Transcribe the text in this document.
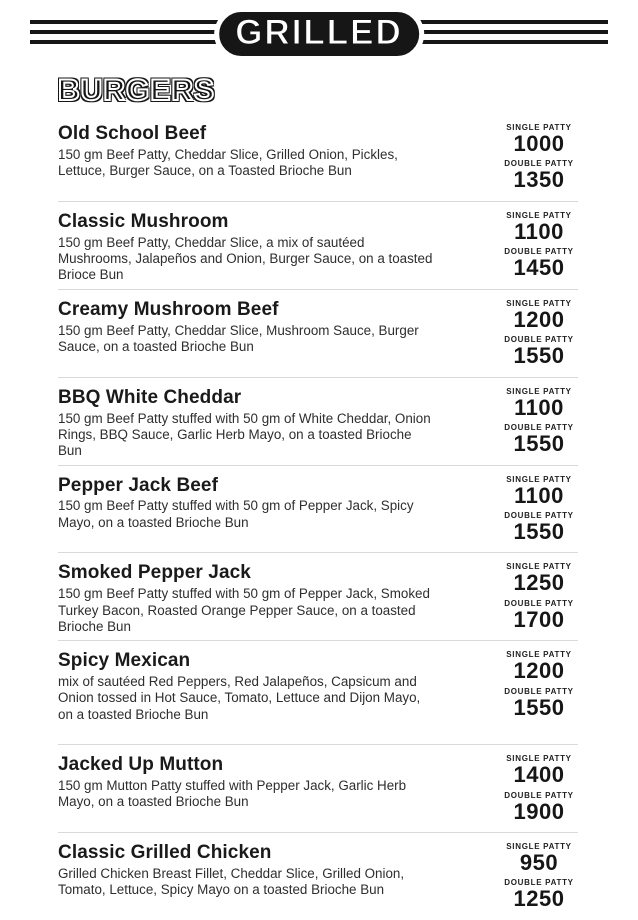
GRILLED
BURGERS
Old School Beef

150 gm Beef Patty, Cheddar Slice, Grilled Onion, Pickles, Lettuce, Burger Sauce, on a Toasted Brioche Bun

SINGLE PATTY
1000
DOUBLE PATTY
1350
Classic Mushroom

150 gm Beef Patty, Cheddar Slice, a mix of sautéed Mushrooms, Jalapeños and Onion, Burger Sauce, on a toasted Brioce Bun

SINGLE PATTY
1100
DOUBLE PATTY
1450
Creamy Mushroom Beef

150 gm Beef Patty, Cheddar Slice, Mushroom Sauce, Burger Sauce, on a toasted Brioche Bun

SINGLE PATTY
1200
DOUBLE PATTY
1550
BBQ White Cheddar

150 gm Beef Patty stuffed with 50 gm of White Cheddar, Onion Rings, BBQ Sauce, Garlic Herb Mayo, on a toasted Brioche Bun

SINGLE PATTY
1100
DOUBLE PATTY
1550
Pepper Jack Beef

150 gm Beef Patty stuffed with 50 gm of Pepper Jack, Spicy Mayo, on a toasted Brioche Bun

SINGLE PATTY
1100
DOUBLE PATTY
1550
Smoked Pepper Jack

150 gm Beef Patty stuffed with 50 gm of Pepper Jack, Smoked Turkey Bacon, Roasted Orange Pepper Sauce, on a toasted Brioche Bun

SINGLE PATTY
1250
DOUBLE PATTY
1700
Spicy Mexican

mix of sautéed Red Peppers, Red Jalapeños, Capsicum and Onion tossed in Hot Sauce, Tomato, Lettuce and Dijon Mayo, on a toasted Brioche Bun

SINGLE PATTY
1200
DOUBLE PATTY
1550
Jacked Up Mutton

150 gm Mutton Patty stuffed with Pepper Jack, Garlic Herb Mayo, on a toasted Brioche Bun

SINGLE PATTY
1400
DOUBLE PATTY
1900
Classic Grilled Chicken

Grilled Chicken Breast Fillet, Cheddar Slice, Grilled Onion, Tomato, Lettuce, Spicy Mayo on a toasted Brioche Bun

SINGLE PATTY
950
DOUBLE PATTY
1250
